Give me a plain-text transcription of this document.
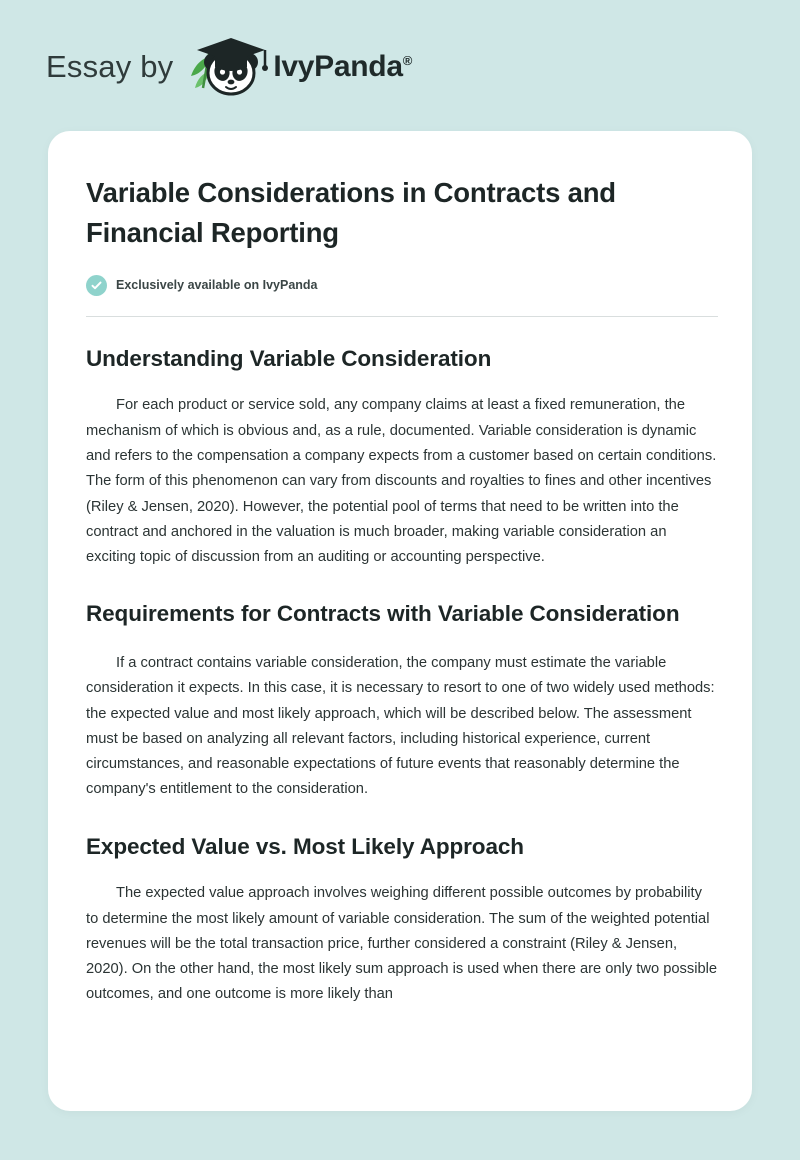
Essay by	IvyPanda®
Variable Considerations in Contracts and Financial Reporting
Exclusively available on IvyPanda
Understanding Variable Consideration

For each product or service sold, any company claims at least a fixed remuneration, the mechanism of which is obvious and, as a rule, documented. Variable consideration is dynamic and refers to the compensation a company expects from a customer based on certain conditions. The form of this phenomenon can vary from discounts and royalties to fines and other incentives (Riley & Jensen, 2020). However, the potential pool of terms that need to be written into the contract and anchored in the valuation is much broader, making variable consideration an exciting topic of discussion from an auditing or accounting perspective.

Requirements for Contracts with Variable Consideration

If a contract contains variable consideration, the company must estimate the variable consideration it expects. In this case, it is necessary to resort to one of two widely used methods: the expected value and most likely approach, which will be described below. The assessment must be based on analyzing all relevant factors, including historical experience, current circumstances, and reasonable expectations of future events that reasonably determine the company's entitlement to the consideration.

Expected Value vs. Most Likely Approach

The expected value approach involves weighing different possible outcomes by probability to determine the most likely amount of variable consideration. The sum of the weighted potential revenues will be the total transaction price, further considered a constraint (Riley & Jensen, 2020). On the other hand, the most likely sum approach is used when there are only two possible outcomes, and one outcome is more likely than
